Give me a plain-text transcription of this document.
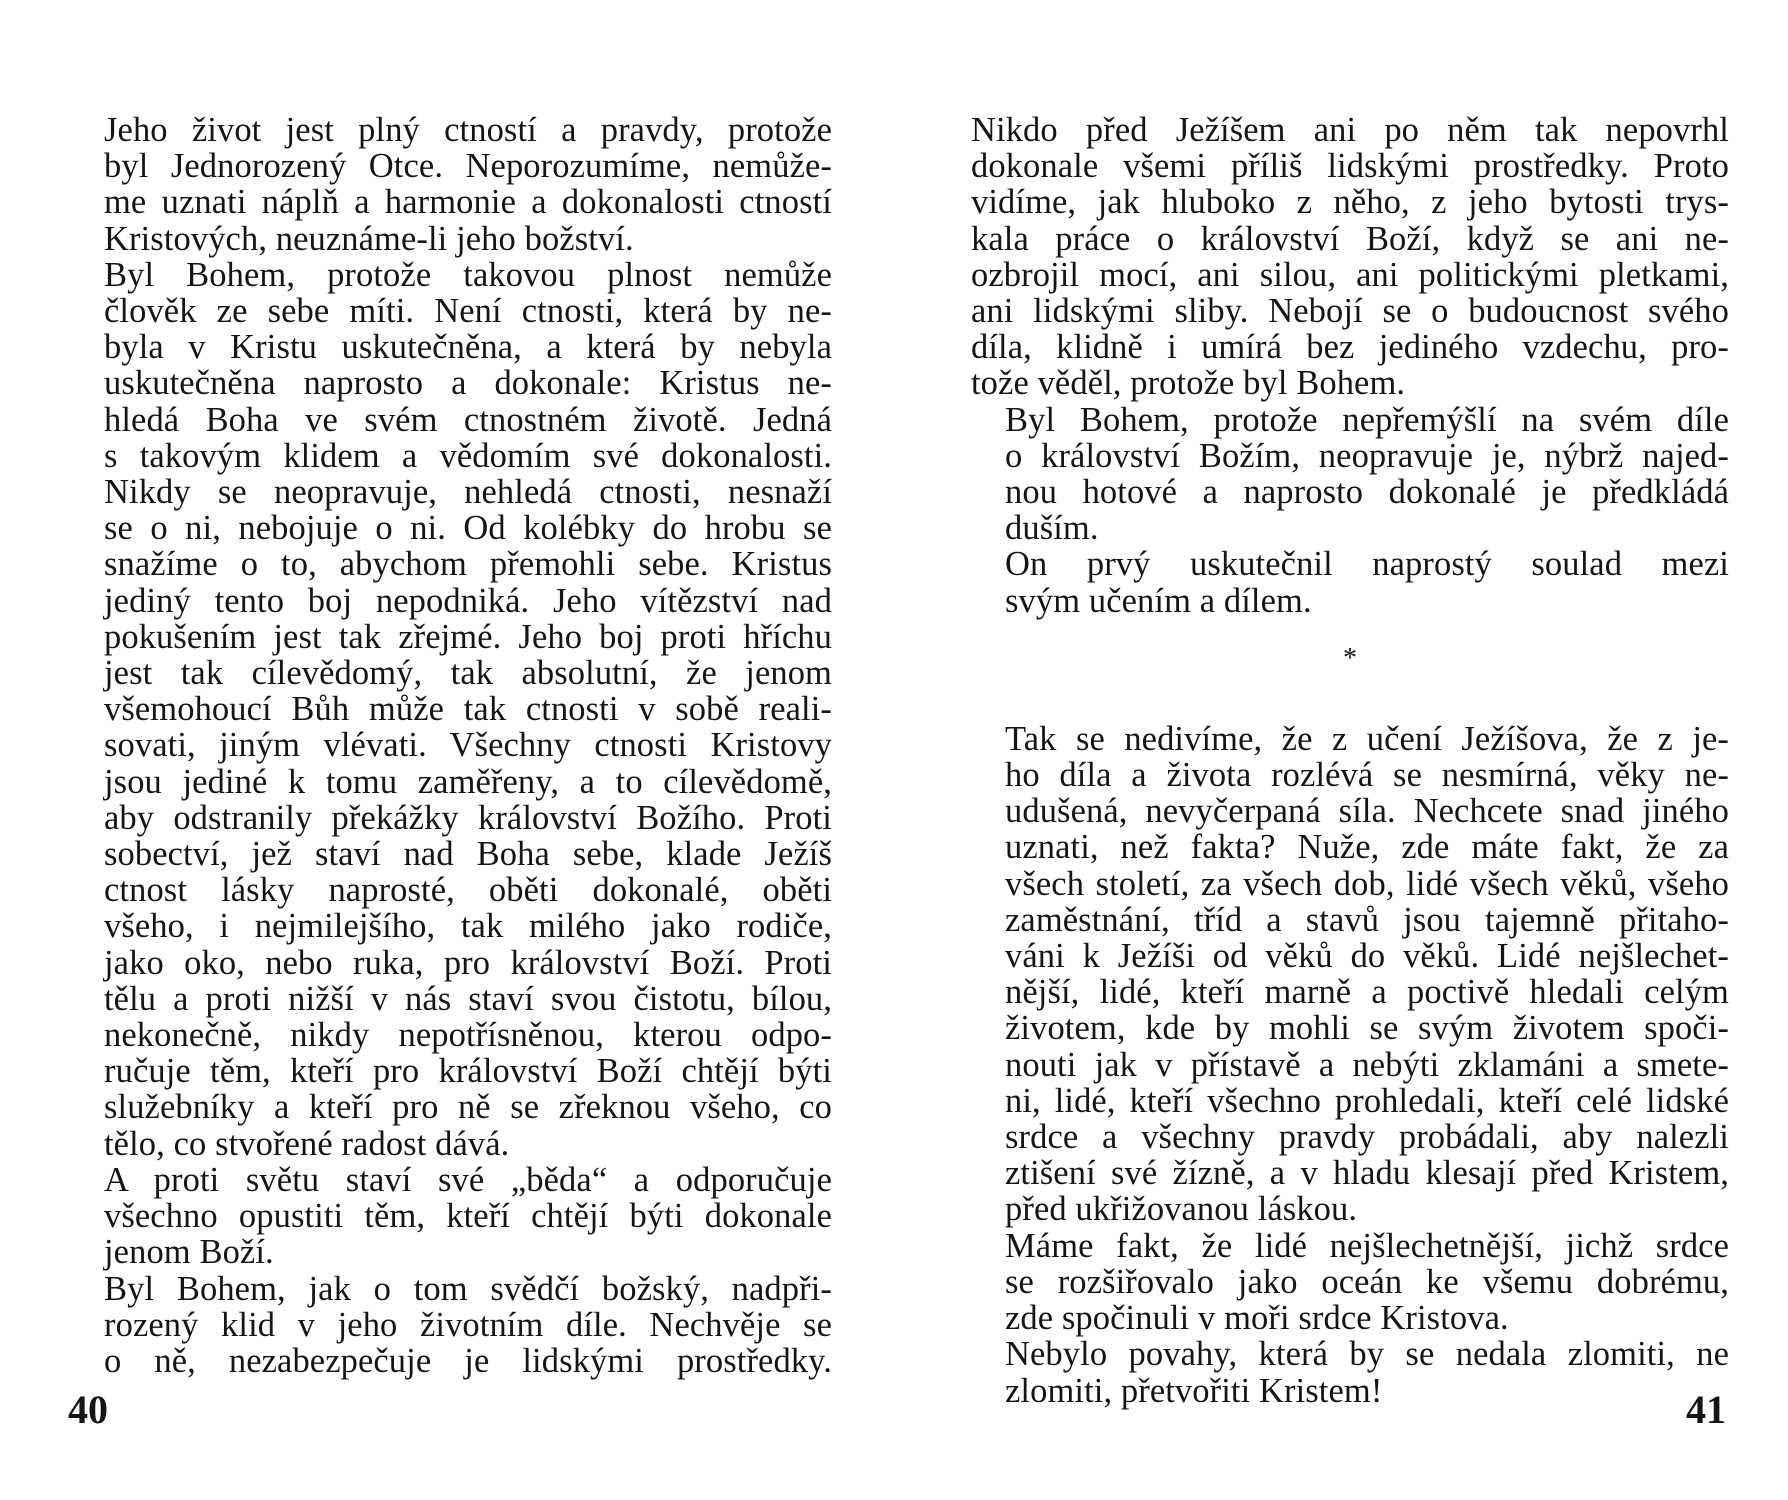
Jeho život jest plný ctností a pravdy, protože
byl Jednorozený Otce. Neporozumíme, nemůže-
me uznati náplň a harmonie a dokonalosti ctností
Kristových, neuznáme-li jeho božství.

Byl Bohem, protože takovou plnost nemůže
člověk ze sebe míti. Není ctnosti, která by ne-
byla v Kristu uskutečněna, a která by nebyla
uskutečněna naprosto a dokonale: Kristus ne-
hledá Boha ve svém ctnostném životě. Jedná
s takovým klidem a vědomím své dokonalosti.
Nikdy se neopravuje, nehledá ctnosti, nesnaží
se o ni, nebojuje o ni. Od kolébky do hrobu se
snažíme o to, abychom přemohli sebe. Kristus
jediný tento boj nepodniká. Jeho vítězství nad
pokušením jest tak zřejmé. Jeho boj proti hříchu
jest tak cílevědomý, tak absolutní, že jenom
všemohoucí Bůh může tak ctnosti v sobě reali-
sovati, jiným vlévati. Všechny ctnosti Kristovy
jsou jediné k tomu zaměřeny, a to cílevědomě,
aby odstranily překážky království Božího. Proti
sobectví, jež staví nad Boha sebe, klade Ježíš
ctnost lásky naprosté, oběti dokonalé, oběti
všeho, i nejmilejšího, tak milého jako rodiče,
jako oko, nebo ruka, pro království Boží. Proti
tělu a proti nižší v nás staví svou čistotu, bílou,
nekonečně, nikdy nepotřísněnou, kterou odpo-
ručuje těm, kteří pro království Boží chtějí býti
služebníky a kteří pro ně se zřeknou všeho, co
tělo, co stvořené radost dává.

A proti světu staví své „běda“ a odporučuje
všechno opustiti těm, kteří chtějí býti dokonale
jenom Boží.

Byl Bohem, jak o tom svědčí božský, nadpři-
rozený klid v jeho životním díle. Nechvěje se
o ně, nezabezpečuje je lidskými prostředky.

Nikdo před Ježíšem ani po něm tak nepovrhl
dokonale všemi příliš lidskými prostředky. Proto
vidíme, jak hluboko z něho, z jeho bytosti trys-
kala práce o království Boží, když se ani ne-
ozbrojil mocí, ani silou, ani politickými pletkami,
ani lidskými sliby. Nebojí se o budoucnost svého
díla, klidně i umírá bez jediného vzdechu, pro-
tože věděl, protože byl Bohem.

Byl Bohem, protože nepřemýšlí na svém díle
o království Božím, neopravuje je, nýbrž najed-
nou hotové a naprosto dokonalé je předkládá
duším.

On prvý uskutečnil naprostý soulad mezi
svým učením a dílem.

*

Tak se nedivíme, že z učení Ježíšova, že z je-
ho díla a života rozlévá se nesmírná, věky ne-
udušená, nevyčerpaná síla. Nechcete snad jiného
uznati, než fakta? Nuže, zde máte fakt, že za
všech století, za všech dob, lidé všech věků, všeho
zaměstnání, tříd a stavů jsou tajemně přitaho-
váni k Ježíši od věků do věků. Lidé nejšlechet-
nější, lidé, kteří marně a poctivě hledali celým
životem, kde by mohli se svým životem spoči-
nouti jak v přístavě a nebýti zklamáni a smete-
ni, lidé, kteří všechno prohledali, kteří celé lidské
srdce a všechny pravdy probádali, aby nalezli
ztišení své žízně, a v hladu klesají před Kristem,
před ukřižovanou láskou.

Máme fakt, že lidé nejšlechetnější, jichž srdce
se rozšiřovalo jako oceán ke všemu dobrému,
zde spočinuli v moři srdce Kristova.

Nebylo povahy, která by se nedala zlomiti, ne
zlomiti, přetvořiti Kristem!

40	41
